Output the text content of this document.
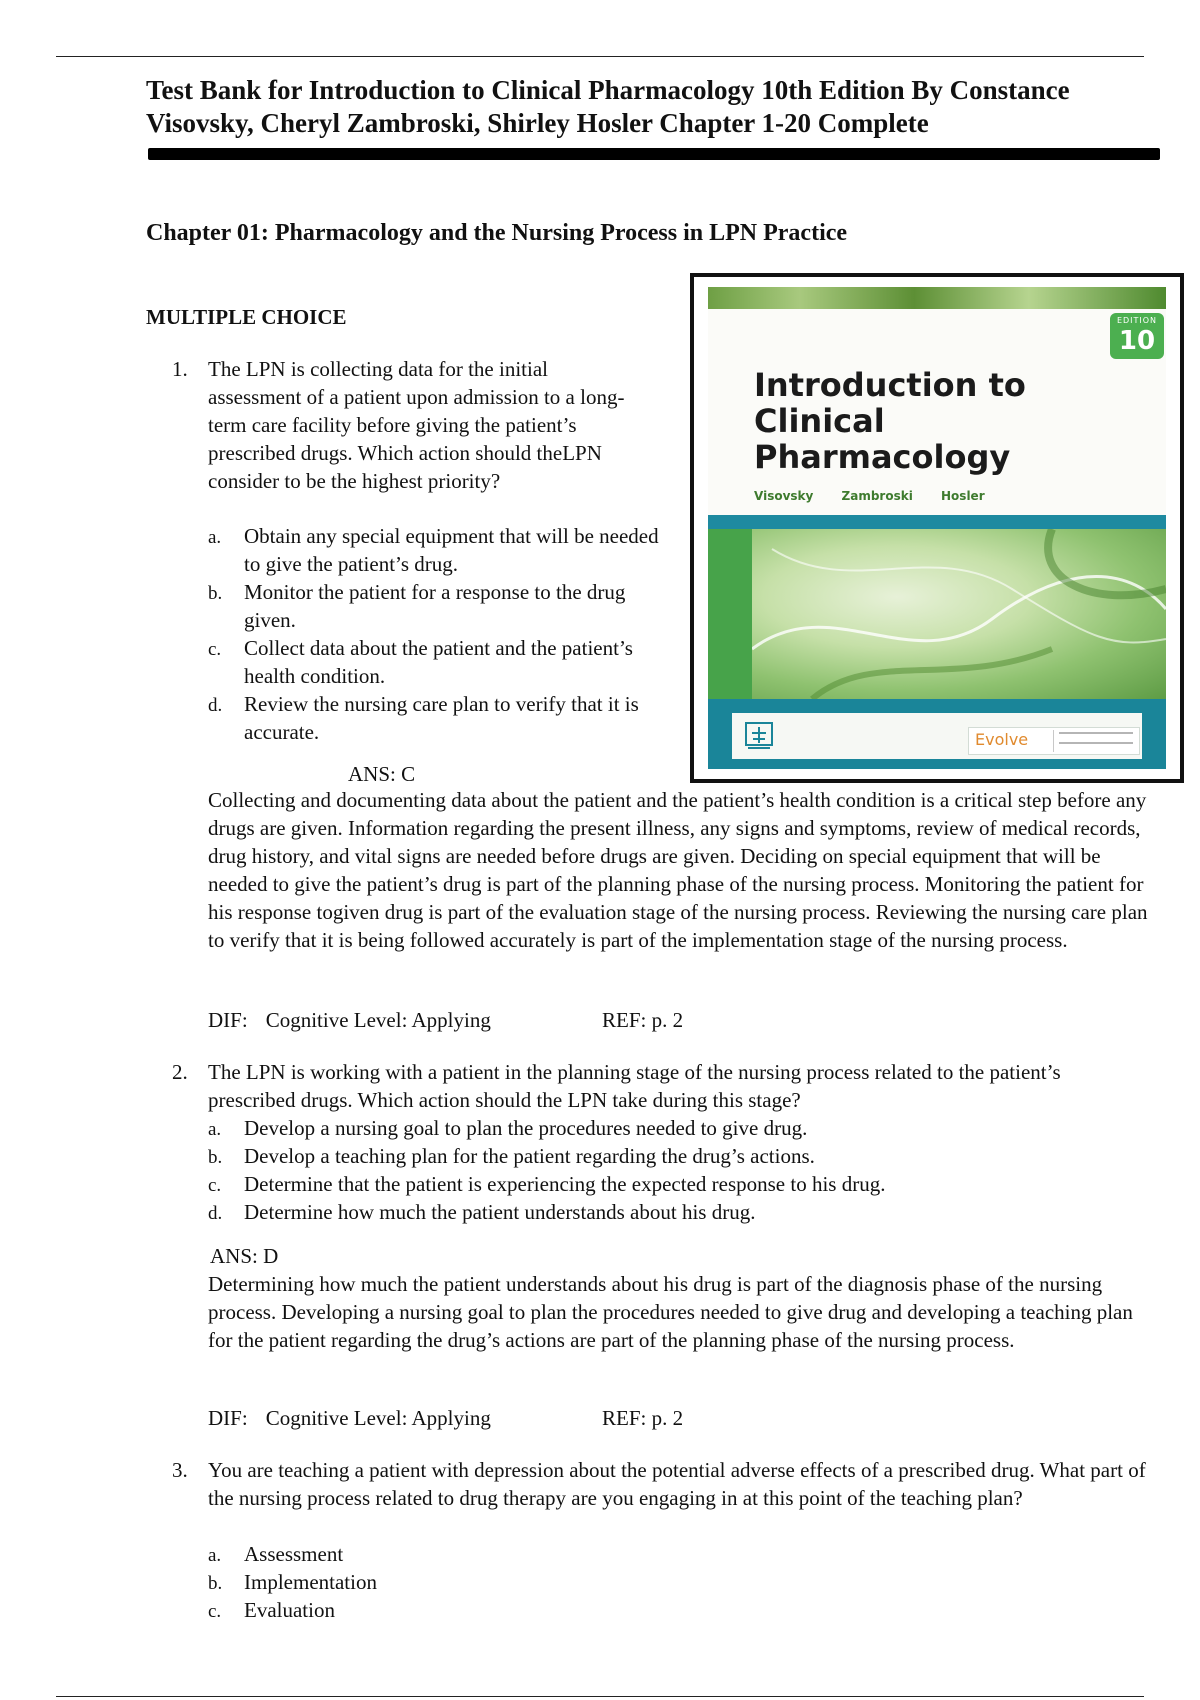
Test Bank for Introduction to Clinical Pharmacology 10th Edition By Constance Visovsky, Cheryl Zambroski, Shirley Hosler Chapter 1-20 Complete
Chapter 01: Pharmacology and the Nursing Process in LPN Practice
MULTIPLE CHOICE	EDITION
10
Introduction to Clinical Pharmacology
Visovsky Zambroski Hosler
Evolve
1. The LPN is collecting data for the initial assessment of a patient upon admission to a long-term care facility before giving the patient’s prescribed drugs. Which action should theLPN consider to be the highest priority?
a. Obtain any special equipment that will be needed to give the patient’s drug.
b. Monitor the patient for a response to the drug given.
c. Collect data about the patient and the patient’s health condition.
d. Review the nursing care plan to verify that it is accurate.
ANS: C
Collecting and documenting data about the patient and the patient’s health condition is a critical step before any drugs are given. Information regarding the present illness, any signs and symptoms, review of medical records, drug history, and vital signs are needed before drugs are given. Deciding on special equipment that will be needed to give the patient’s drug is part of the planning phase of the nursing process. Monitoring the patient for his response togiven drug is part of the evaluation stage of the nursing process. Reviewing the nursing care plan to verify that it is being followed accurately is part of the implementation stage of the nursing process.
DIF: Cognitive Level: Applying	REF: p. 2
2. The LPN is working with a patient in the planning stage of the nursing process related to the patient’s prescribed drugs. Which action should the LPN take during this stage?
a. Develop a nursing goal to plan the procedures needed to give drug.
b. Develop a teaching plan for the patient regarding the drug’s actions.
c. Determine that the patient is experiencing the expected response to his drug.
d. Determine how much the patient understands about his drug.
ANS: D
Determining how much the patient understands about his drug is part of the diagnosis phase of the nursing process. Developing a nursing goal to plan the procedures needed to give drug and developing a teaching plan for the patient regarding the drug’s actions are part of the planning phase of the nursing process.
DIF: Cognitive Level: Applying	REF: p. 2
3. You are teaching a patient with depression about the potential adverse effects of a prescribed drug. What part of the nursing process related to drug therapy are you engaging in at this point of the teaching plan?
a. Assessment
b. Implementation
c. Evaluation
